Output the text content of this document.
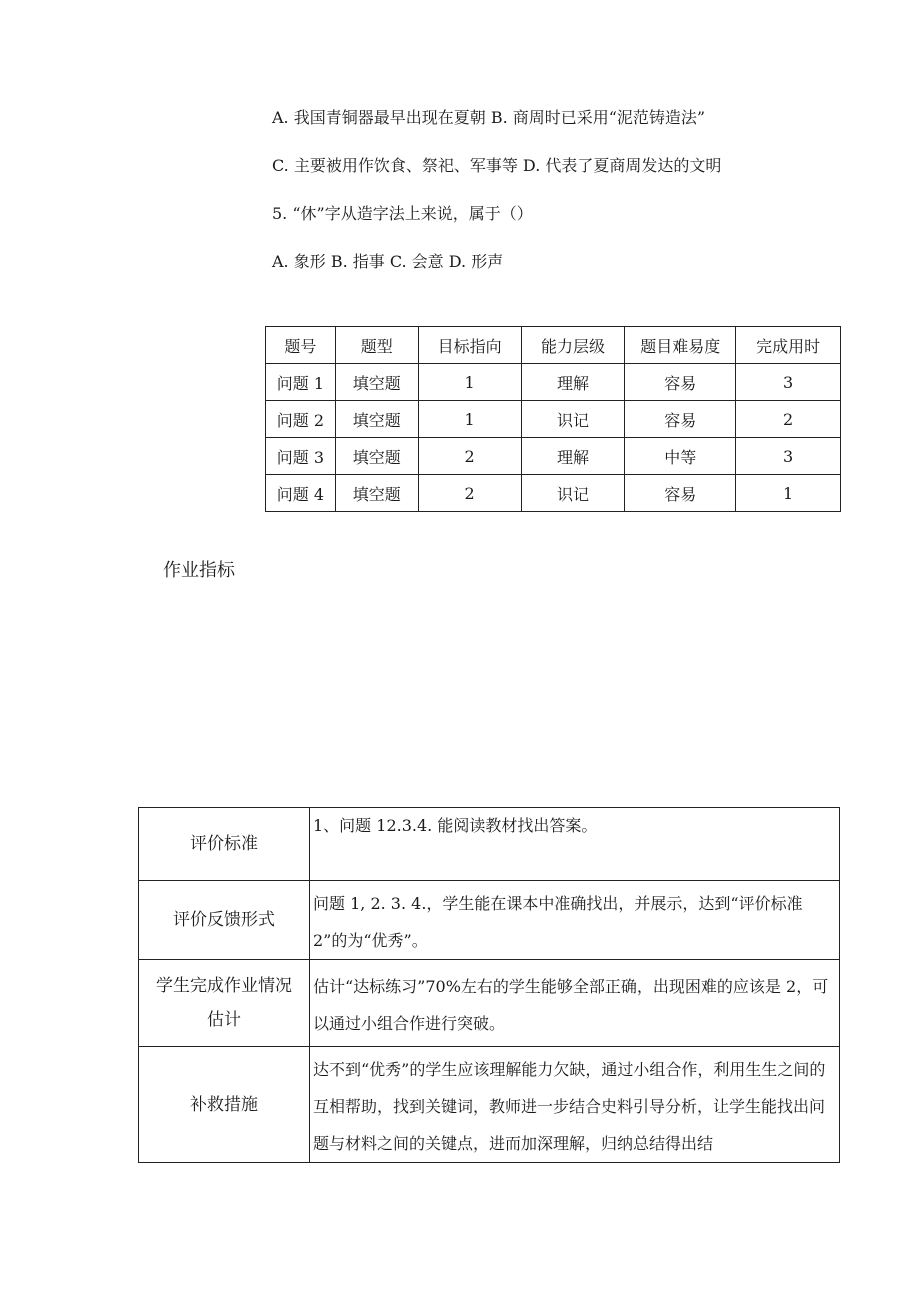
A. 我国青铜器最早出现在夏朝 B. 商周时已采用“泥范铸造法”
C. 主要被用作饮食、祭祀、军事等 D. 代表了夏商周发达的文明
5. “休”字从造字法上来说，属于（）
A. 象形 B. 指事 C. 会意 D. 形声
题号	题型	目标指向	能力层级	题目难易度	完成用时
问题 1	填空题	1	理解	容易	3
问题 2	填空题	1	识记	容易	2
问题 3	填空题	2	理解	中等	3
问题 4	填空题	2	识记	容易	1
作业指标
评价标准	1、问题 12.3.4. 能阅读教材找出答案。
评价反馈形式	问题 1, 2. 3. 4.，学生能在课本中准确找出，并展示，达到“评价标准 2”的为“优秀”。
学生完成作业情况估计	估计“达标练习”70%左右的学生能够全部正确，出现困难的应该是 2，可以通过小组合作进行突破。
补救措施	达不到“优秀”的学生应该理解能力欠缺，通过小组合作，利用生生之间的互相帮助，找到关键词，教师进一步结合史料引导分析，让学生能找出问题与材料之间的关键点，进而加深理解，归纳总结得出结
